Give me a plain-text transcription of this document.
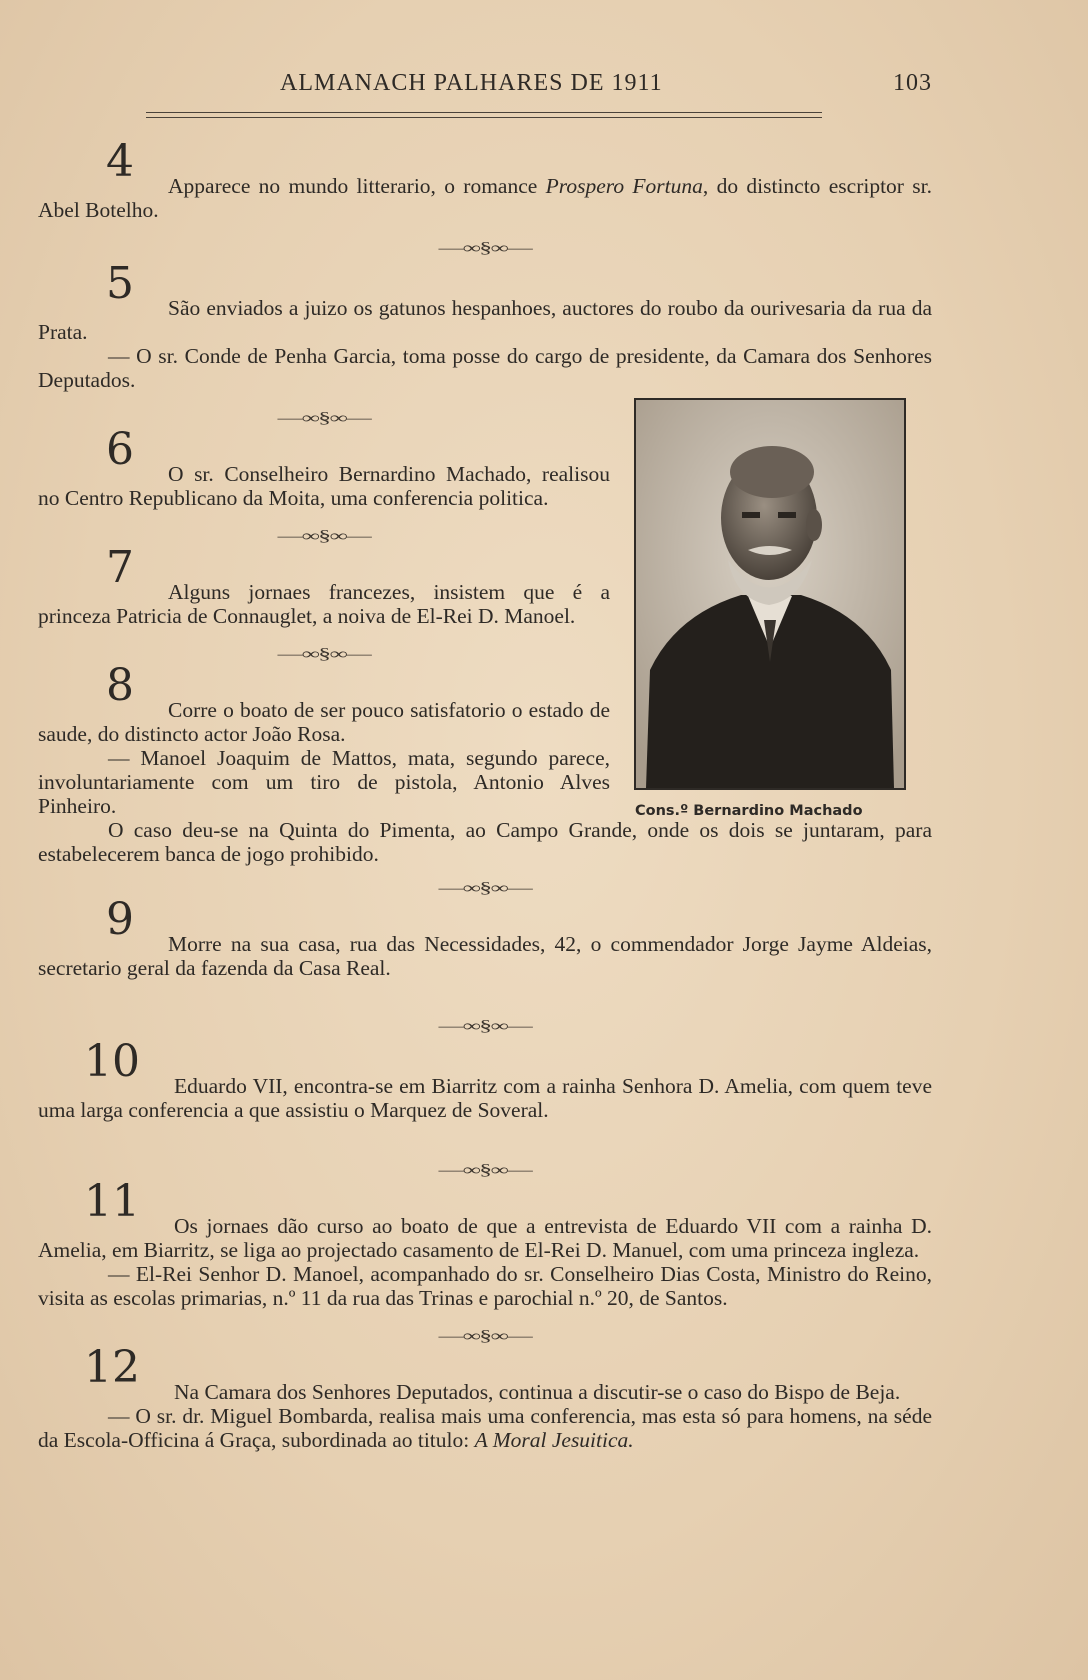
ALMANACH PALHARES DE 1911	103
4	Apparece no mundo litterario, o romance Prospero Fortuna, do distincto escriptor sr. Abel Botelho.

—∞§∞—
5	São enviados a juizo os gatunos hespanhoes, auctores do roubo da ourivesaria da rua da Prata.

— O sr. Conde de Penha Garcia, toma posse do cargo de presidente, da Camara dos Senhores Deputados.

—∞§∞—
6	O sr. Conselheiro Bernardino Machado, realisou no Centro Republicano da Moita, uma conferencia politica.

—∞§∞—
7	Alguns jornaes francezes, insistem que é a princeza Patricia de Connauglet, a noiva de El-Rei D. Manoel.

—∞§∞—
8	Corre o boato de ser pouco satisfatorio o estado de saude, do distincto actor João Rosa.

— Manoel Joaquim de Mattos, mata, segundo parece, involuntariamente com um tiro de pistola, Antonio Alves Pinheiro.

O caso deu-se na Quinta do Pimenta, ao Campo Grande, onde os dois se juntaram, para estabelecerem banca de jogo prohibido.

—∞§∞—
9	Morre na sua casa, rua das Necessidades, 42, o commendador Jorge Jayme Aldeias, secretario geral da fazenda da Casa Real.

—∞§∞—
10	Eduardo VII, encontra-se em Biarritz com a rainha Senhora D. Amelia, com quem teve uma larga conferencia a que assistiu o Marquez de Soveral.

—∞§∞—
11	Os jornaes dão curso ao boato de que a entrevista de Eduardo VII com a rainha D. Amelia, em Biarritz, se liga ao projectado casamento de El-Rei D. Manuel, com uma princeza ingleza.

— El-Rei Senhor D. Manoel, acompanhado do sr. Conselheiro Dias Costa, Ministro do Reino, visita as escolas primarias, n.º 11 da rua das Trinas e parochial n.º 20, de Santos.

—∞§∞—
12	Na Camara dos Senhores Deputados, continua a discutir-se o caso do Bispo de Beja.

— O sr. dr. Miguel Bombarda, realisa mais uma conferencia, mas esta só para homens, na séde da Escola-Officina á Graça, subordinada ao titulo: A Moral Jesuitica.

Cons.º Bernardino Machado
